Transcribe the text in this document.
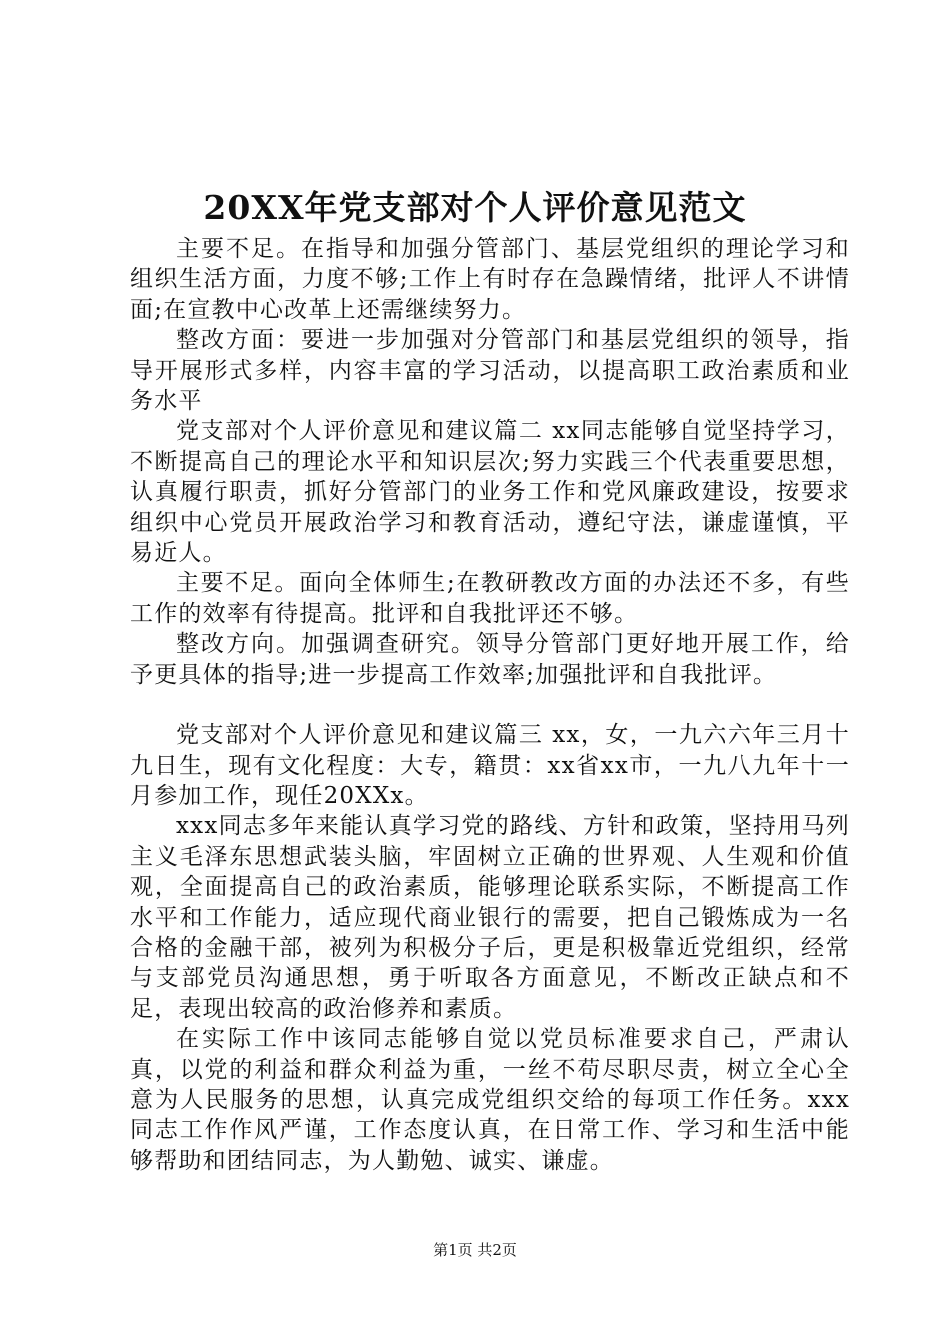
20XX年党支部对个人评价意见范文

主要不足。在指导和加强分管部门、基层党组织的理论学习和组织生活方面，力度不够;工作上有时存在急躁情绪，批评人不讲情面;在宣教中心改革上还需继续努力。

整改方面：要进一步加强对分管部门和基层党组织的领导，指导开展形式多样，内容丰富的学习活动，以提高职工政治素质和业务水平

党支部对个人评价意见和建议篇二 xx同志能够自觉坚持学习，不断提高自己的理论水平和知识层次;努力实践三个代表重要思想，认真履行职责，抓好分管部门的业务工作和党风廉政建设，按要求组织中心党员开展政治学习和教育活动，遵纪守法，谦虚谨慎，平易近人。

主要不足。面向全体师生;在教研教改方面的办法还不多，有些工作的效率有待提高。批评和自我批评还不够。

整改方向。加强调查研究。领导分管部门更好地开展工作，给予更具体的指导;进一步提高工作效率;加强批评和自我批评。

党支部对个人评价意见和建议篇三 xx，女，一九六六年三月十九日生，现有文化程度：大专，籍贯：xx省xx市，一九八九年十一月参加工作，现任20XXx。

xxx同志多年来能认真学习党的路线、方针和政策，坚持用马列主义毛泽东思想武装头脑，牢固树立正确的世界观、人生观和价值观，全面提高自己的政治素质，能够理论联系实际，不断提高工作水平和工作能力，适应现代商业银行的需要，把自己锻炼成为一名合格的金融干部，被列为积极分子后，更是积极靠近党组织，经常与支部党员沟通思想，勇于听取各方面意见，不断改正缺点和不足，表现出较高的政治修养和素质。

在实际工作中该同志能够自觉以党员标准要求自己，严肃认真，以党的利益和群众利益为重，一丝不苟尽职尽责，树立全心全意为人民服务的思想，认真完成党组织交给的每项工作任务。xxx同志工作作风严谨，工作态度认真，在日常工作、学习和生活中能够帮助和团结同志，为人勤勉、诚实、谦虚。

第1页 共2页
